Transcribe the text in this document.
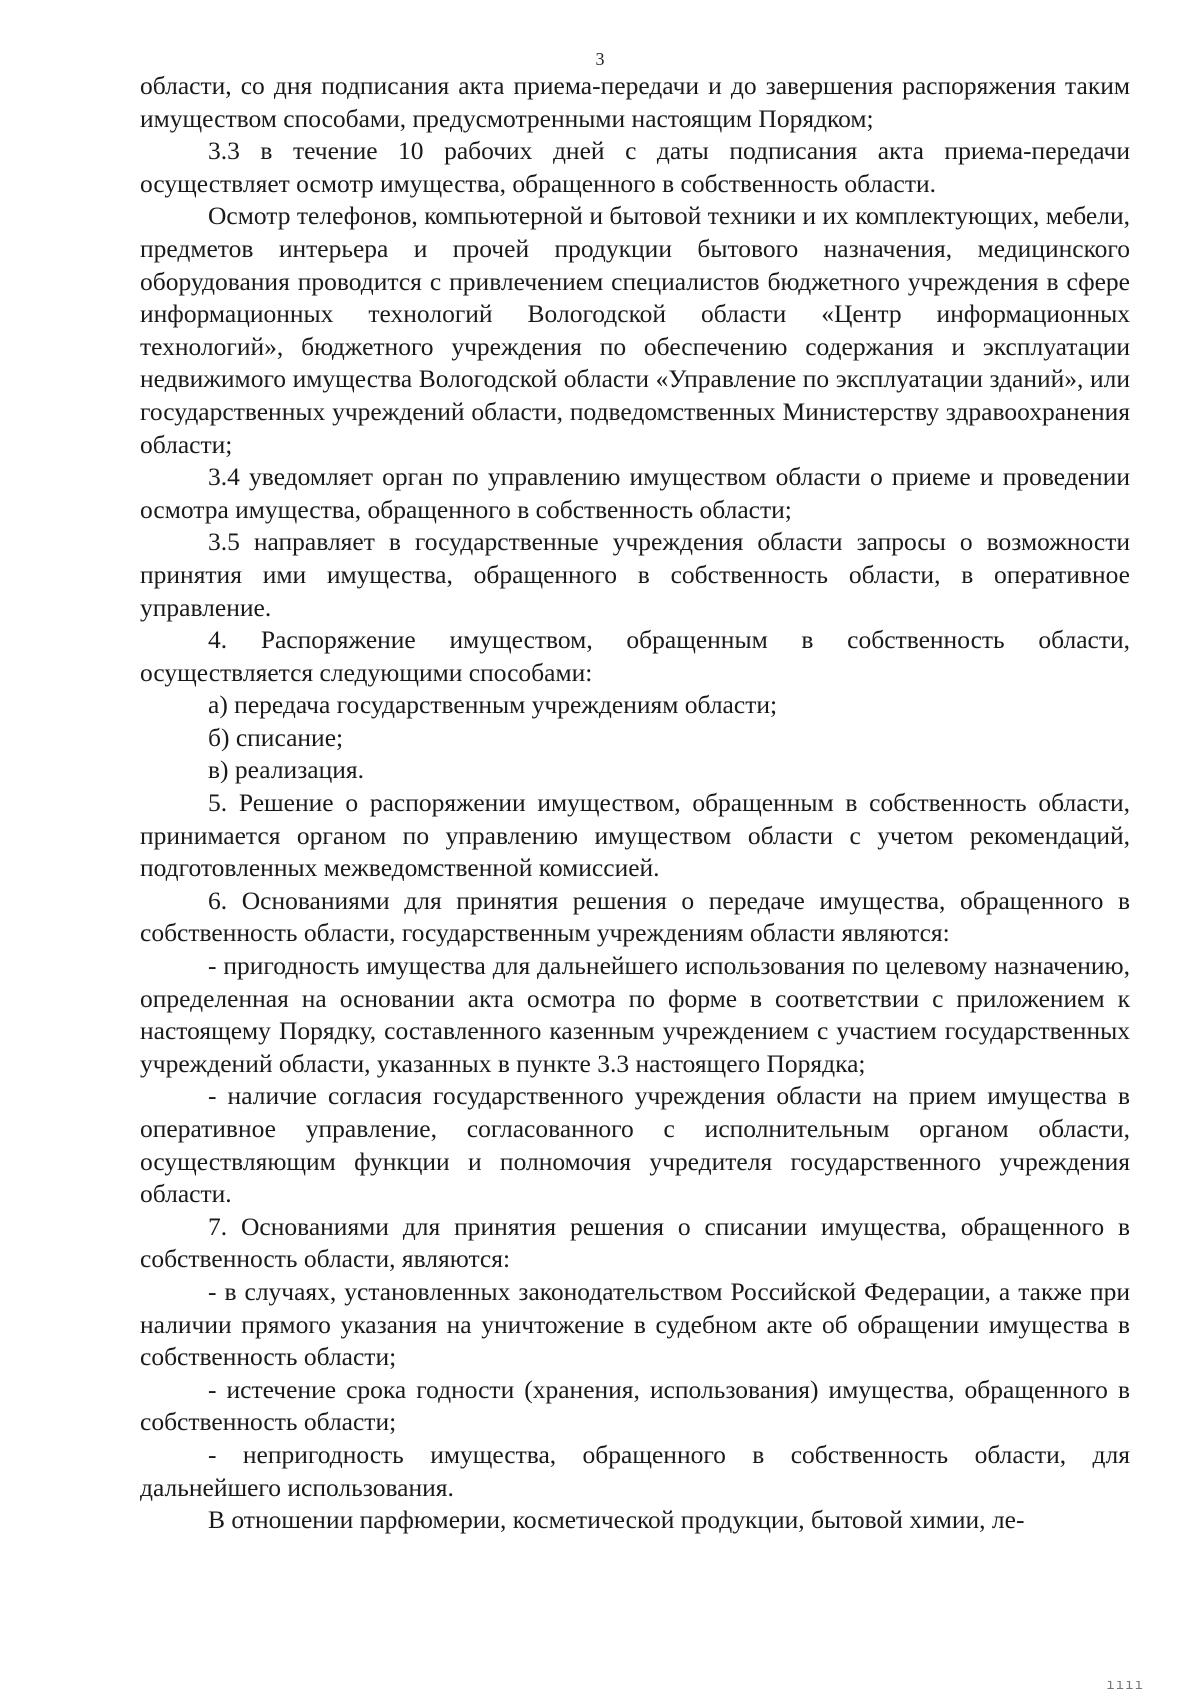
3

области, со дня подписания акта приема-передачи и до завершения распоряжения таким имуществом способами, предусмотренными настоящим Порядком;

3.3 в течение 10 рабочих дней с даты подписания акта приема-передачи осуществляет осмотр имущества, обращенного в собственность области.

Осмотр телефонов, компьютерной и бытовой техники и их комплектующих, мебели, предметов интерьера и прочей продукции бытового назначения, медицинского оборудования проводится с привлечением специалистов бюджетного учреждения в сфере информационных технологий Вологодской области «Центр информационных технологий», бюджетного учреждения по обеспечению содержания и эксплуатации недвижимого имущества Вологодской области «Управление по эксплуатации зданий», или государственных учреждений области, подведомственных Министерству здравоохранения области;

3.4 уведомляет орган по управлению имуществом области о приеме и проведении осмотра имущества, обращенного в собственность области;

3.5 направляет в государственные учреждения области запросы о возможности принятия ими имущества, обращенного в собственность области, в оперативное управление.

4. Распоряжение имуществом, обращенным в собственность области, осуществляется следующими способами:

а) передача государственным учреждениям области;

б) списание;

в) реализация.

5. Решение о распоряжении имуществом, обращенным в собственность области, принимается органом по управлению имуществом области с учетом рекомендаций, подготовленных межведомственной комиссией.

6. Основаниями для принятия решения о передаче имущества, обращенного в собственность области, государственным учреждениям области являются:

- пригодность имущества для дальнейшего использования по целевому назначению, определенная на основании акта осмотра по форме в соответствии с приложением к настоящему Порядку, составленного казенным учреждением с участием государственных учреждений области, указанных в пункте 3.3 настоящего Порядка;

- наличие согласия государственного учреждения области на прием имущества в оперативное управление, согласованного с исполнительным органом области, осуществляющим функции и полномочия учредителя государственного учреждения области.

7. Основаниями для принятия решения о списании имущества, обращенного в собственность области, являются:

- в случаях, установленных законодательством Российской Федерации, а также при наличии прямого указания на уничтожение в судебном акте об обращении имущества в собственность области;

- истечение срока годности (хранения, использования) имущества, обращенного в собственность области;

- непригодность имущества, обращенного в собственность области, для дальнейшего использования.

В отношении парфюмерии, косметической продукции, бытовой химии, ле-

ıııı
